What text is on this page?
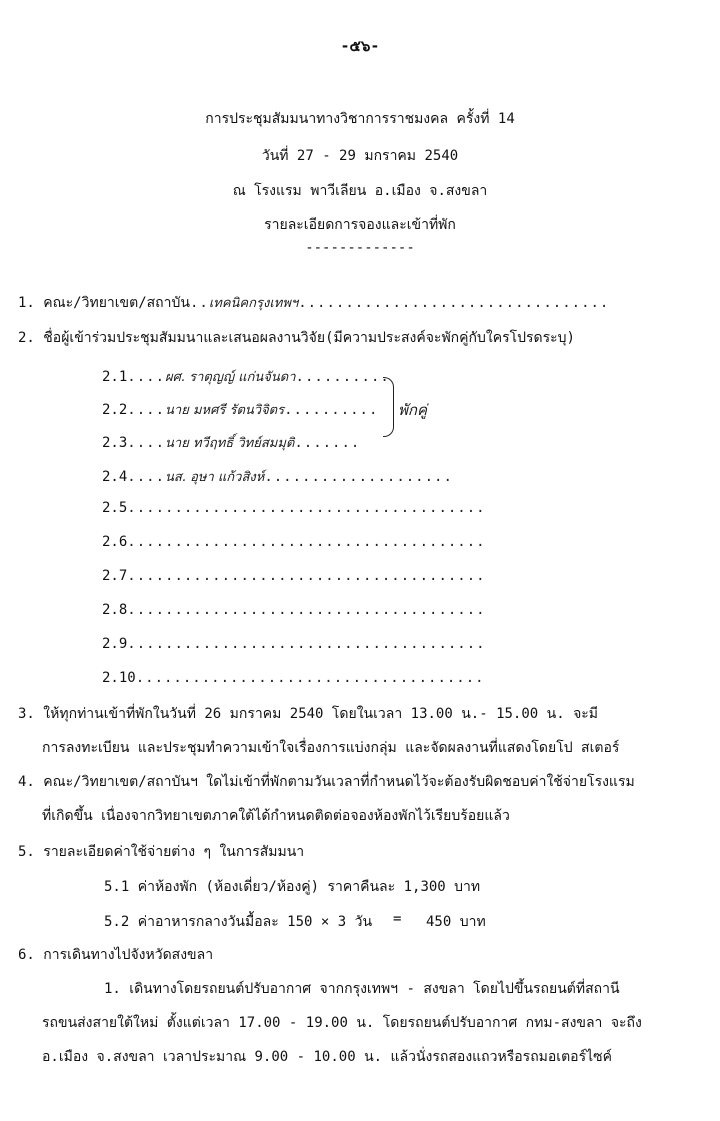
-๕๖-
การประชุมสัมมนาทางวิชาการราชมงคล ครั้งที่ 14
วันที่ 27 - 29 มกราคม 2540
ณ โรงแรม พาวีเลียน อ.เมือง จ.สงขลา
รายละเอียดการจองและเข้าที่พัก
-------------
1. คณะ/วิทยาเขต/สถาบัน..เทคนิคกรุงเทพฯ.................................
2. ชื่อผู้เข้าร่วมประชุมสัมมนาและเสนอผลงานวิจัย(มีความประสงค์จะพักคู่กับใครโปรดระบุ)
2.1....ผศ. ราตุญญ์ แก่นจันดา..........
2.2....นาย มหศรี รัตนวิจิตร..........
2.3....นาย ทวีฤทธิ์ วิทย์สมมุติ.......
2.4....นส. อุษา แก้วสิงห์....................
2.5......................................
2.6......................................
2.7......................................
2.8......................................
2.9......................................
2.10.....................................
พักคู่
3. ให้ทุกท่านเข้าที่พักในวันที่ 26 มกราคม 2540 โดยในเวลา 13.00 น.- 15.00 น. จะมี
การลงทะเบียน และประชุมทำความเข้าใจเรื่องการแบ่งกลุ่ม และจัดผลงานที่แสดงโดยโป สเตอร์
4. คณะ/วิทยาเขต/สถาบันฯ ใดไม่เข้าที่พักตามวันเวลาที่กำหนดไว้จะต้องรับผิดชอบค่าใช้จ่ายโรงแรม
ที่เกิดขึ้น เนื่องจากวิทยาเขตภาคใต้ได้กำหนดติดต่อจองห้องพักไว้เรียบร้อยแล้ว
5. รายละเอียดค่าใช้จ่ายต่าง ๆ ในการสัมมนา
5.1 ค่าห้องพัก (ห้องเดี่ยว/ห้องคู่) ราคาคืนละ 1,300 บาท
5.2 ค่าอาหารกลางวันมื้อละ 150 × 3 วัน = 450 บาท
6. การเดินทางไปจังหวัดสงขลา
1. เดินทางโดยรถยนต์ปรับอากาศ จากกรุงเทพฯ - สงขลา โดยไปขึ้นรถยนต์ที่สถานี
รถขนส่งสายใต้ใหม่ ตั้งแต่เวลา 17.00 - 19.00 น. โดยรถยนต์ปรับอากาศ กทม-สงขลา จะถึง
อ.เมือง จ.สงขลา เวลาประมาณ 9.00 - 10.00 น. แล้วนั่งรถสองแถวหรือรถมอเตอร์ไซค์
